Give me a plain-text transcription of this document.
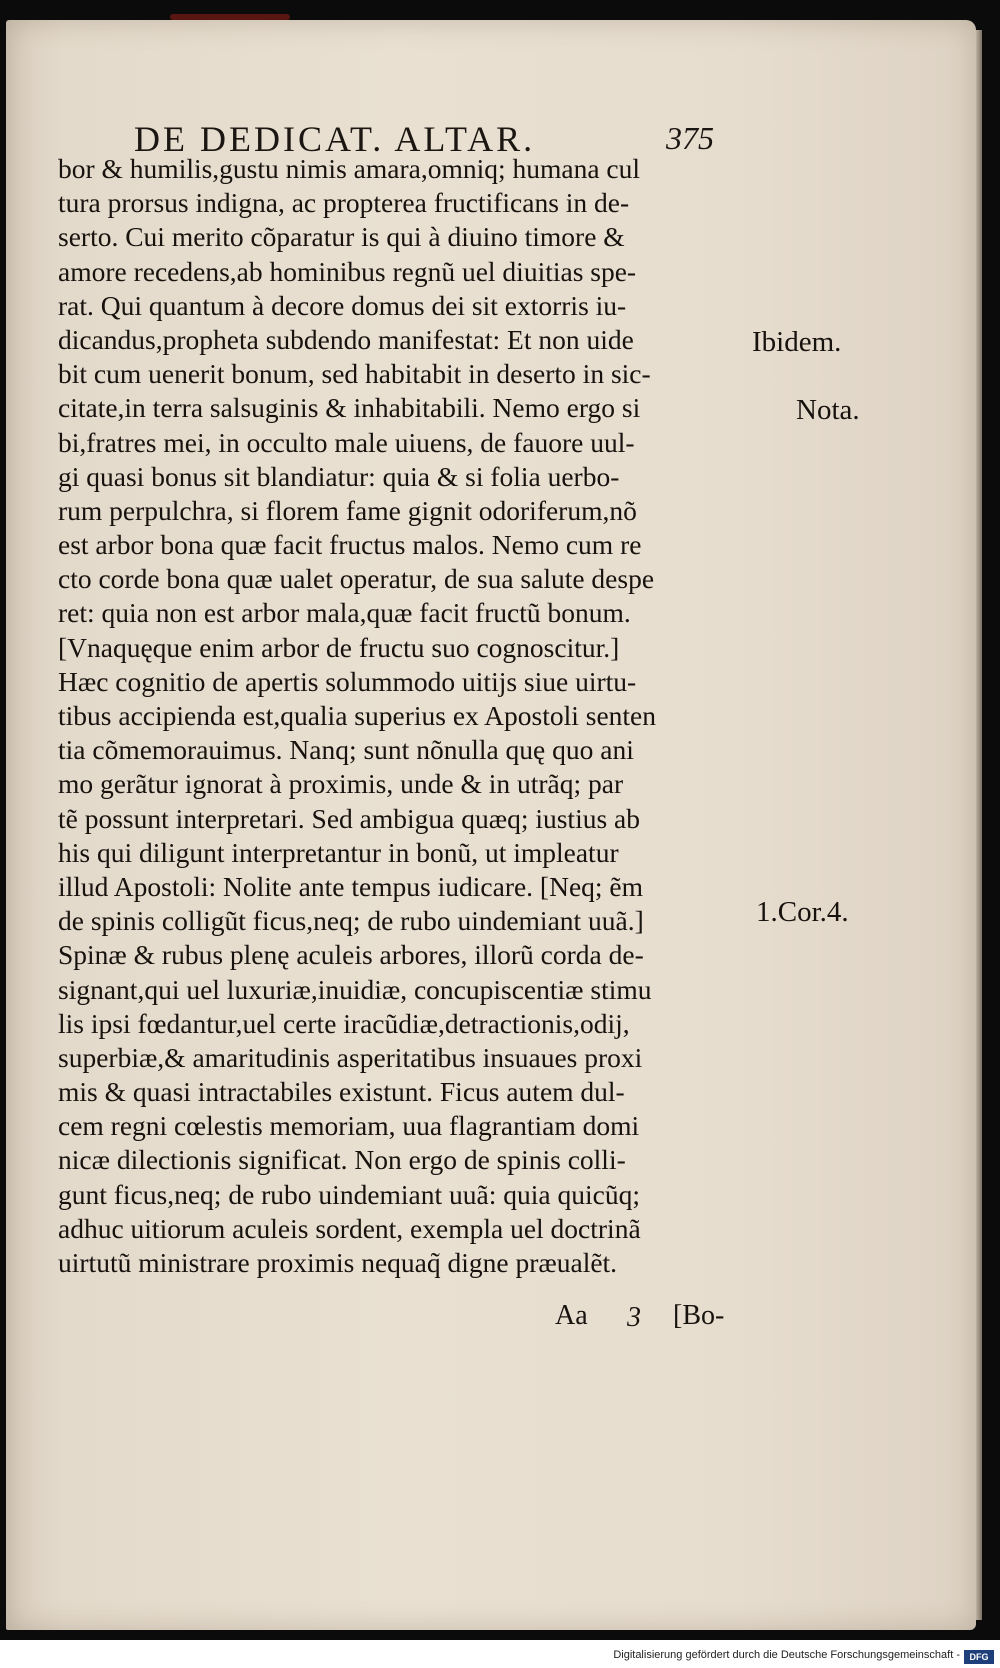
DE DEDICAT. ALTAR.	375
bor & humilis,gustu nimis amara,omniq; humana cul
tura prorsus indigna, ac propterea fructificans in de-
serto. Cui merito cõparatur is qui à diuino timore &
amore recedens,ab hominibus regnũ uel diuitias spe-
rat. Qui quantum à decore domus dei sit extorris iu-
dicandus,propheta subdendo manifestat: Et non uide
bit cum uenerit bonum, sed habitabit in deserto in sic-
citate,in terra salsuginis & inhabitabili. Nemo ergo si
bi,fratres mei, in occulto male uiuens, de fauore uul-
gi quasi bonus sit blandiatur: quia & si folia uerbo-
rum perpulchra, si florem fame gignit odoriferum,nõ
est arbor bona quæ facit fructus malos. Nemo cum re
cto corde bona quæ ualet operatur, de sua salute despe
ret: quia non est arbor mala,quæ facit fructũ bonum.
[Vnaquęque enim arbor de fructu suo cognoscitur.]
Hæc cognitio de apertis solummodo uitijs siue uirtu-
tibus accipienda est,qualia superius ex Apostoli senten
tia cõmemorauimus. Nanq; sunt nõnulla quę quo ani
mo gerãtur ignorat à proximis, unde & in utrãq; par
tẽ possunt interpretari. Sed ambigua quæq; iustius ab
his qui diligunt interpretantur in bonũ, ut impleatur
illud Apostoli: Nolite ante tempus iudicare. [Neq; ẽm
de spinis colligũt ficus,neq; de rubo uindemiant uuã.]
Spinæ & rubus plenę aculeis arbores, illorũ corda de-
signant,qui uel luxuriæ,inuidiæ, concupiscentiæ stimu
lis ipsi fœdantur,uel certe iracũdiæ,detractionis,odij,
superbiæ,& amaritudinis asperitatibus insuaues proxi
mis & quasi intractabiles existunt. Ficus autem dul-
cem regni cœlestis memoriam, uua flagrantiam domi
nicæ dilectionis significat. Non ergo de spinis colli-
gunt ficus,neq; de rubo uindemiant uuã: quia quicũq;
adhuc uitiorum aculeis sordent, exempla uel doctrinã
uirtutũ ministrare proximis nequaq̃ digne præualẽt.
Ibidem.
Nota.
1.Cor.4.
Aa 3 [Bo-
Digitalisierung gefördert durch die Deutsche Forschungsgemeinschaft -	DFG
